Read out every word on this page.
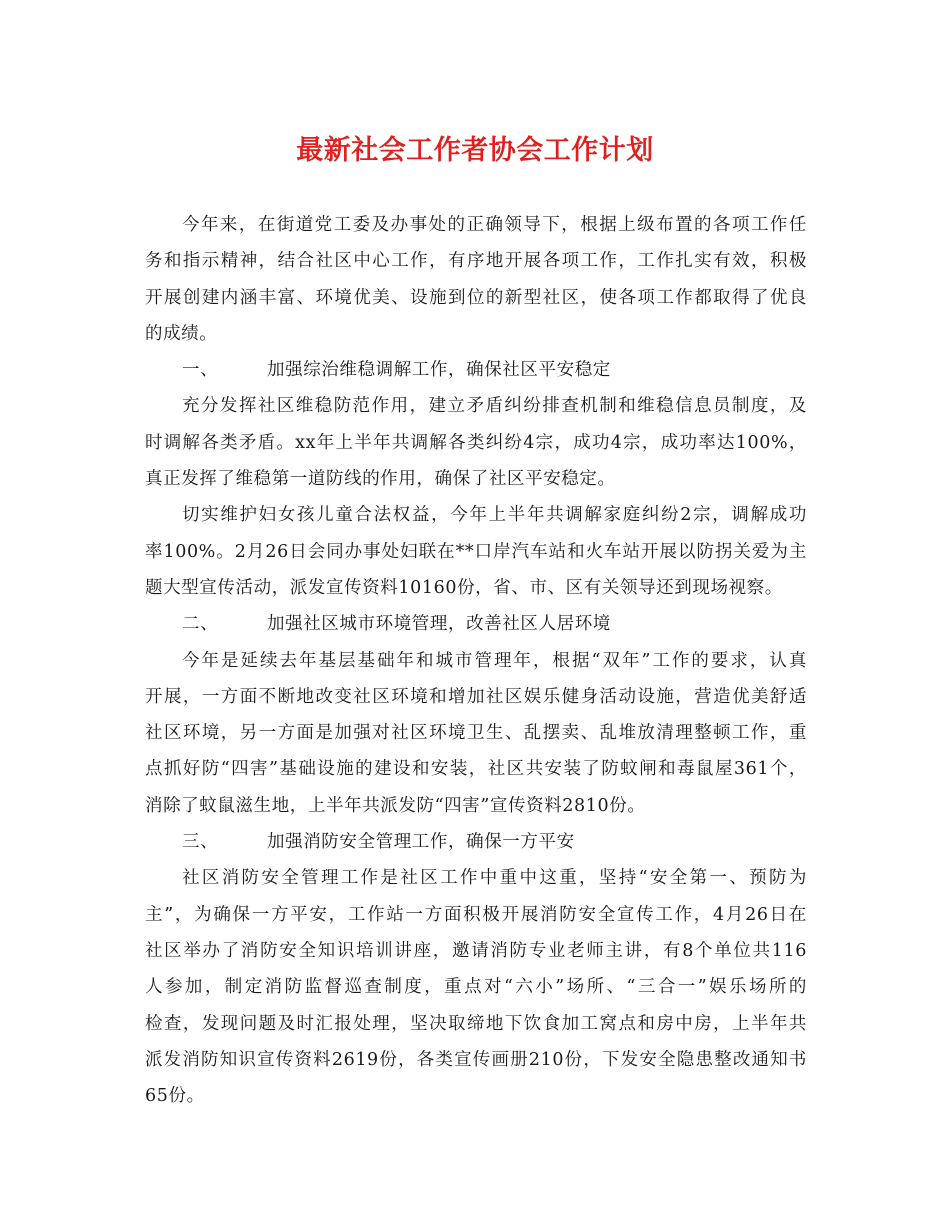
最新社会工作者协会工作计划
今年来，在街道党工委及办事处的正确领导下，根据上级布置的各项工作任
务和指示精神，结合社区中心工作，有序地开展各项工作，工作扎实有效，积极
开展创建内涵丰富、环境优美、设施到位的新型社区，使各项工作都取得了优良
的成绩。
一、	加强综治维稳调解工作，确保社区平安稳定
充分发挥社区维稳防范作用，建立矛盾纠纷排查机制和维稳信息员制度，及
时调解各类矛盾。xx年上半年共调解各类纠纷4宗，成功4宗，成功率达100%，
真正发挥了维稳第一道防线的作用，确保了社区平安稳定。
切实维护妇女孩儿童合法权益，今年上半年共调解家庭纠纷2宗，调解成功
率100%。2月26日会同办事处妇联在**口岸汽车站和火车站开展以防拐关爱为主
题大型宣传活动，派发宣传资料10160份，省、市、区有关领导还到现场视察。
二、	加强社区城市环境管理，改善社区人居环境
今年是延续去年基层基础年和城市管理年，根据“双年”工作的要求，认真
开展，一方面不断地改变社区环境和增加社区娱乐健身活动设施，营造优美舒适
社区环境，另一方面是加强对社区环境卫生、乱摆卖、乱堆放清理整顿工作，重
点抓好防“四害”基础设施的建设和安装，社区共安装了防蚊闸和毒鼠屋361个，
消除了蚊鼠滋生地，上半年共派发防“四害”宣传资料2810份。
三、	加强消防安全管理工作，确保一方平安
社区消防安全管理工作是社区工作中重中这重，坚持“安全第一、预防为
主”，为确保一方平安，工作站一方面积极开展消防安全宣传工作，4月26日在
社区举办了消防安全知识培训讲座，邀请消防专业老师主讲，有8个单位共116
人参加，制定消防监督巡查制度，重点对“六小”场所、“三合一”娱乐场所的
检查，发现问题及时汇报处理，坚决取缔地下饮食加工窝点和房中房，上半年共
派发消防知识宣传资料2619份，各类宣传画册210份，下发安全隐患整改通知书
65份。
